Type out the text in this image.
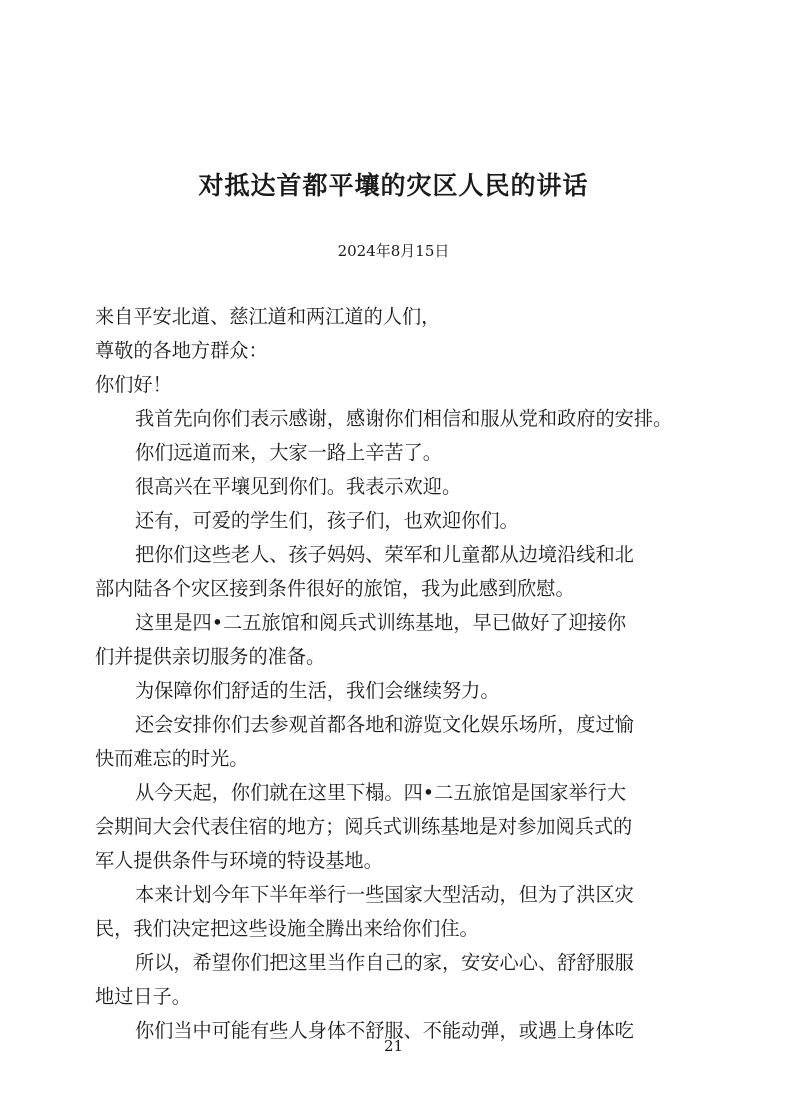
对抵达首都平壤的灾区人民的讲话
2024年8月15日
来自平安北道、慈江道和两江道的人们，
尊敬的各地方群众：
你们好！
我首先向你们表示感谢，感谢你们相信和服从党和政府的安排。
你们远道而来，大家一路上辛苦了。
很高兴在平壤见到你们。我表示欢迎。
还有，可爱的学生们，孩子们，也欢迎你们。
把你们这些老人、孩子妈妈、荣军和儿童都从边境沿线和北
部内陆各个灾区接到条件很好的旅馆，我为此感到欣慰。
这里是四•二五旅馆和阅兵式训练基地，早已做好了迎接你
们并提供亲切服务的准备。
为保障你们舒适的生活，我们会继续努力。
还会安排你们去参观首都各地和游览文化娱乐场所，度过愉
快而难忘的时光。
从今天起，你们就在这里下榻。四•二五旅馆是国家举行大
会期间大会代表住宿的地方；阅兵式训练基地是对参加阅兵式的
军人提供条件与环境的特设基地。
本来计划今年下半年举行一些国家大型活动，但为了洪区灾
民，我们决定把这些设施全腾出来给你们住。
所以，希望你们把这里当作自己的家，安安心心、舒舒服服
地过日子。
你们当中可能有些人身体不舒服、不能动弹，或遇上身体吃
21
